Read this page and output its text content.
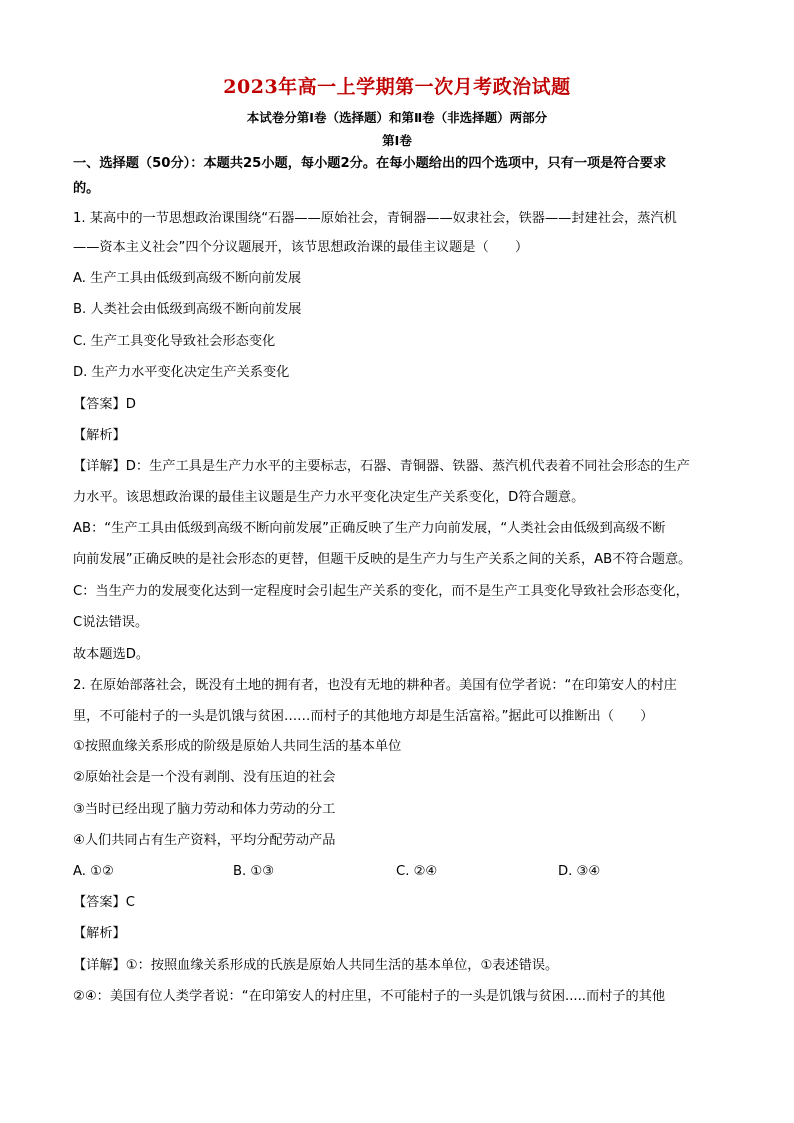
2023年高一上学期第一次月考政治试题
本试卷分第Ⅰ卷（选择题）和第Ⅱ卷（非选择题）两部分
第Ⅰ卷
一、选择题（50分）：本题共25小题，每小题2分。在每小题给出的四个选项中，只有一项是符合要求
的。
1. 某高中的一节思想政治课围绕“石器——原始社会，青铜器——奴隶社会，铁器——封建社会，蒸汽机
——资本主义社会”四个分议题展开，该节思想政治课的最佳主议题是（　　）
A. 生产工具由低级到高级不断向前发展
B. 人类社会由低级到高级不断向前发展
C. 生产工具变化导致社会形态变化
D. 生产力水平变化决定生产关系变化
【答案】D
【解析】
【详解】D：生产工具是生产力水平的主要标志，石器、青铜器、铁器、蒸汽机代表着不同社会形态的生产
力水平。该思想政治课的最佳主议题是生产力水平变化决定生产关系变化，D符合题意。
AB：“生产工具由低级到高级不断向前发展”正确反映了生产力向前发展，“人类社会由低级到高级不断
向前发展”正确反映的是社会形态的更替，但题干反映的是生产力与生产关系之间的关系，AB不符合题意。
C：当生产力的发展变化达到一定程度时会引起生产关系的变化，而不是生产工具变化导致社会形态变化，
C说法错误。
故本题选D。
2. 在原始部落社会，既没有土地的拥有者，也没有无地的耕种者。美国有位学者说：“在印第安人的村庄
里，不可能村子的一头是饥饿与贫困……而村子的其他地方却是生活富裕。”据此可以推断出（　　）
①按照血缘关系形成的阶级是原始人共同生活的基本单位
②原始社会是一个没有剥削、没有压迫的社会
③当时已经出现了脑力劳动和体力劳动的分工
④人们共同占有生产资料，平均分配劳动产品
A. ①②	B. ①③	C. ②④	D. ③④
【答案】C
【解析】
【详解】①：按照血缘关系形成的氏族是原始人共同生活的基本单位，①表述错误。
②④：美国有位人类学者说：“在印第安人的村庄里，不可能村子的一头是饥饿与贫困.....而村子的其他
